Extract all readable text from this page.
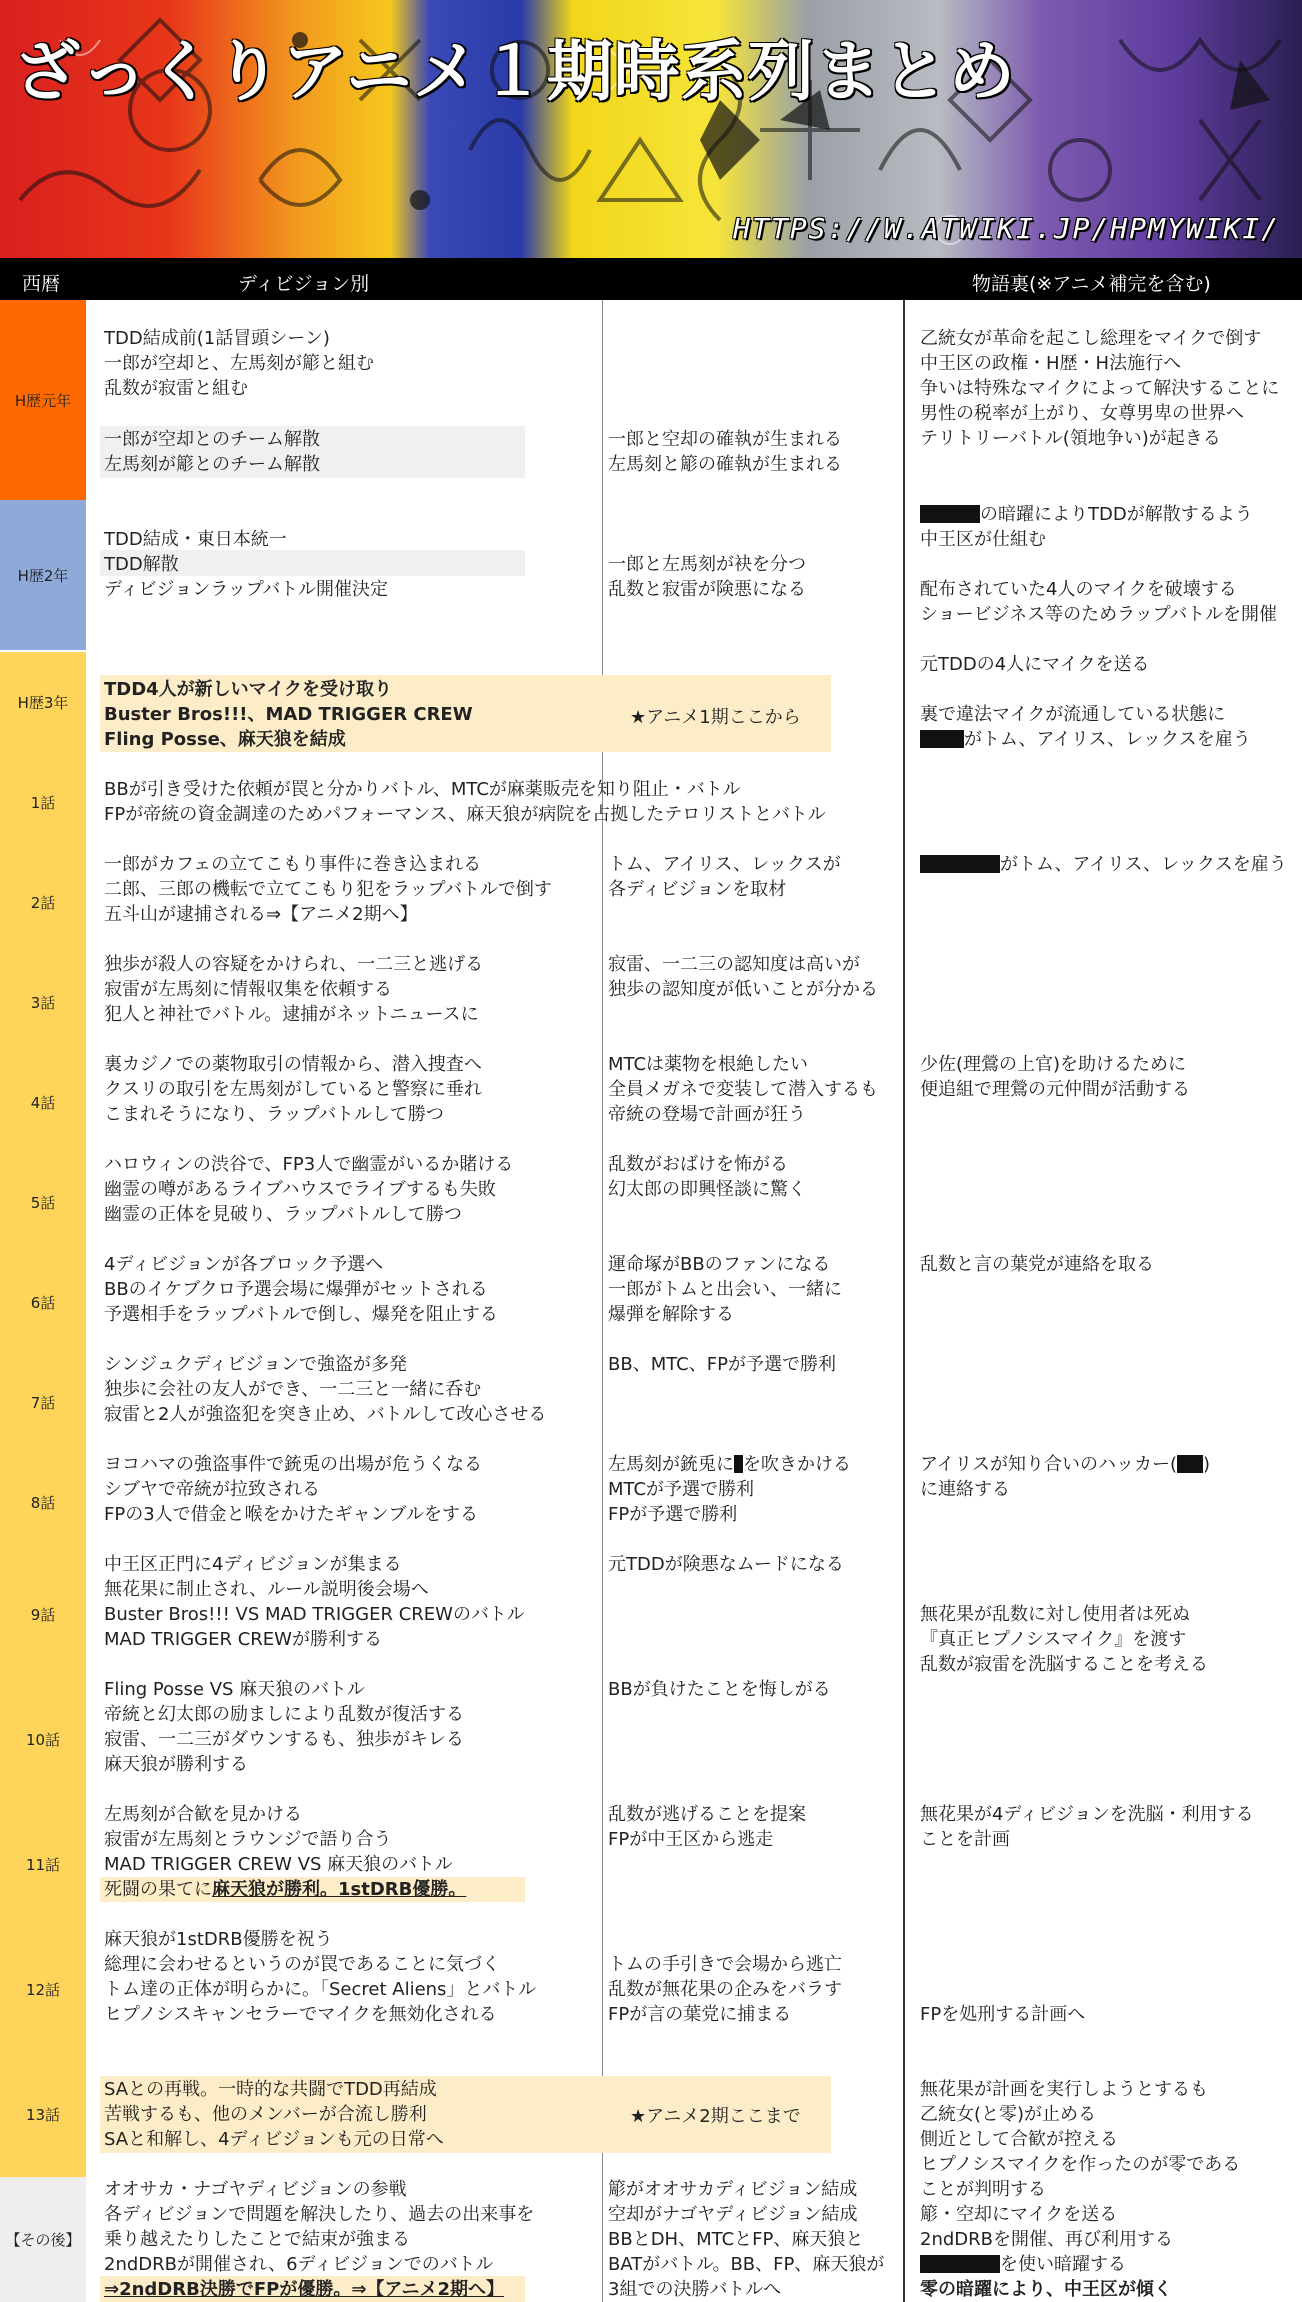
ざっくりアニメ１期時系列まとめ
HTTPS://W.ATWIKI.JP/HPMYWIKI/
西暦	ディビジョン別	物語裏(※アニメ補完を含む)
H歴元年
H歴2年
H歴3年
1話
2話
3話
4話
5話
6話
7話
8話
9話
10話
11話
12話
13話
【その後】
TDD結成前(1話冒頭シーン)
一郎が空却と、左馬刻が簓と組む
乱数が寂雷と組む
一郎が空却とのチーム解散
左馬刻が簓とのチーム解散
TDD結成・東日本統一
TDD解散
ディビジョンラップバトル開催決定
TDD4人が新しいマイクを受け取り
Buster Bros!!!、MAD TRIGGER CREW
Fling Posse、麻天狼を結成
BBが引き受けた依頼が罠と分かりバトル、MTCが麻薬販売を知り阻止・バトル
FPが帝統の資金調達のためパフォーマンス、麻天狼が病院を占拠したテロリストとバトル
一郎がカフェの立てこもり事件に巻き込まれる
二郎、三郎の機転で立てこもり犯をラップバトルで倒す
五斗山が逮捕される⇒【アニメ2期へ】
独歩が殺人の容疑をかけられ、一二三と逃げる
寂雷が左馬刻に情報収集を依頼する
犯人と神社でバトル。逮捕がネットニュースに
裏カジノでの薬物取引の情報から、潜入捜査へ
クスリの取引を左馬刻がしていると警察に垂れ
こまれそうになり、ラップバトルして勝つ
ハロウィンの渋谷で、FP3人で幽霊がいるか賭ける
幽霊の噂があるライブハウスでライブするも失敗
幽霊の正体を見破り、ラップバトルして勝つ
4ディビジョンが各ブロック予選へ
BBのイケブクロ予選会場に爆弾がセットされる
予選相手をラップバトルで倒し、爆発を阻止する
シンジュクディビジョンで強盗が多発
独歩に会社の友人ができ、一二三と一緒に呑む
寂雷と2人が強盗犯を突き止め、バトルして改心させる
ヨコハマの強盗事件で銃兎の出場が危うくなる
シブヤで帝統が拉致される
FPの3人で借金と喉をかけたギャンブルをする
中王区正門に4ディビジョンが集まる
無花果に制止され、ルール説明後会場へ
Buster Bros!!! VS MAD TRIGGER CREWのバトル
MAD TRIGGER CREWが勝利する
Fling Posse VS 麻天狼のバトル
帝統と幻太郎の励ましにより乱数が復活する
寂雷、一二三がダウンするも、独歩がキレる
麻天狼が勝利する
左馬刻が合歓を見かける
寂雷が左馬刻とラウンジで語り合う
MAD TRIGGER CREW VS 麻天狼のバトル
死闘の果てに麻天狼が勝利。1stDRB優勝。
麻天狼が1stDRB優勝を祝う
総理に会わせるというのが罠であることに気づく
トム達の正体が明らかに。「Secret Aliens」とバトル
ヒプノシスキャンセラーでマイクを無効化される
SAとの再戦。一時的な共闘でTDD再結成
苦戦するも、他のメンバーが合流し勝利
SAと和解し、4ディビジョンも元の日常へ
オオサカ・ナゴヤディビジョンの参戦
各ディビジョンで問題を解決したり、過去の出来事を
乗り越えたりしたことで結束が強まる
2ndDRBが開催され、6ディビジョンでのバトル
⇒2ndDRB決勝でFPが優勝。⇒【アニメ2期へ】
一郎と空却の確執が生まれる
左馬刻と簓の確執が生まれる
一郎と左馬刻が袂を分つ
乱数と寂雷が険悪になる
★アニメ1期ここから
トム、アイリス、レックスが
各ディビジョンを取材
寂雷、一二三の認知度は高いが
独歩の認知度が低いことが分かる
MTCは薬物を根絶したい
全員メガネで変装して潜入するも
帝統の登場で計画が狂う
乱数がおばけを怖がる
幻太郎の即興怪談に驚く
運命塚がBBのファンになる
一郎がトムと出会い、一緒に
爆弾を解除する
BB、MTC、FPが予選で勝利
左馬刻が銃兎に を吹きかける
MTCが予選で勝利
FPが予選で勝利
元TDDが険悪なムードになる
BBが負けたことを悔しがる
乱数が逃げることを提案
FPが中王区から逃走
トムの手引きで会場から逃亡
乱数が無花果の企みをバラす
FPが言の葉党に捕まる
★アニメ2期ここまで
簓がオオサカディビジョン結成
空却がナゴヤディビジョン結成
BBとDH、MTCとFP、麻天狼と
BATがバトル。BB、FP、麻天狼が
3組での決勝バトルへ
乙統女が革命を起こし総理をマイクで倒す
中王区の政権・H歴・H法施行へ
争いは特殊なマイクによって解決することに
男性の税率が上がり、女尊男卑の世界へ
テリトリーバトル(領地争い)が起きる
の暗躍によりTDDが解散するよう
中王区が仕組む
配布されていた4人のマイクを破壊する
ショービジネス等のためラップバトルを開催
元TDDの4人にマイクを送る
裏で違法マイクが流通している状態に
がトム、アイリス、レックスを雇う
がトム、アイリス、レックスを雇う
少佐(理鶯の上官)を助けるために
便追組で理鶯の元仲間が活動する
乱数と言の葉党が連絡を取る
アイリスが知り合いのハッカー( )
に連絡する
無花果が乱数に対し使用者は死ぬ
『真正ヒプノシスマイク』を渡す
乱数が寂雷を洗脳することを考える
無花果が4ディビジョンを洗脳・利用する
ことを計画
FPを処刑する計画へ
無花果が計画を実行しようとするも
乙統女(と零)が止める
側近として合歓が控える
ヒプノシスマイクを作ったのが零である
ことが判明する
簓・空却にマイクを送る
2ndDRBを開催、再び利用する
を使い暗躍する
零の暗躍により、中王区が傾く
